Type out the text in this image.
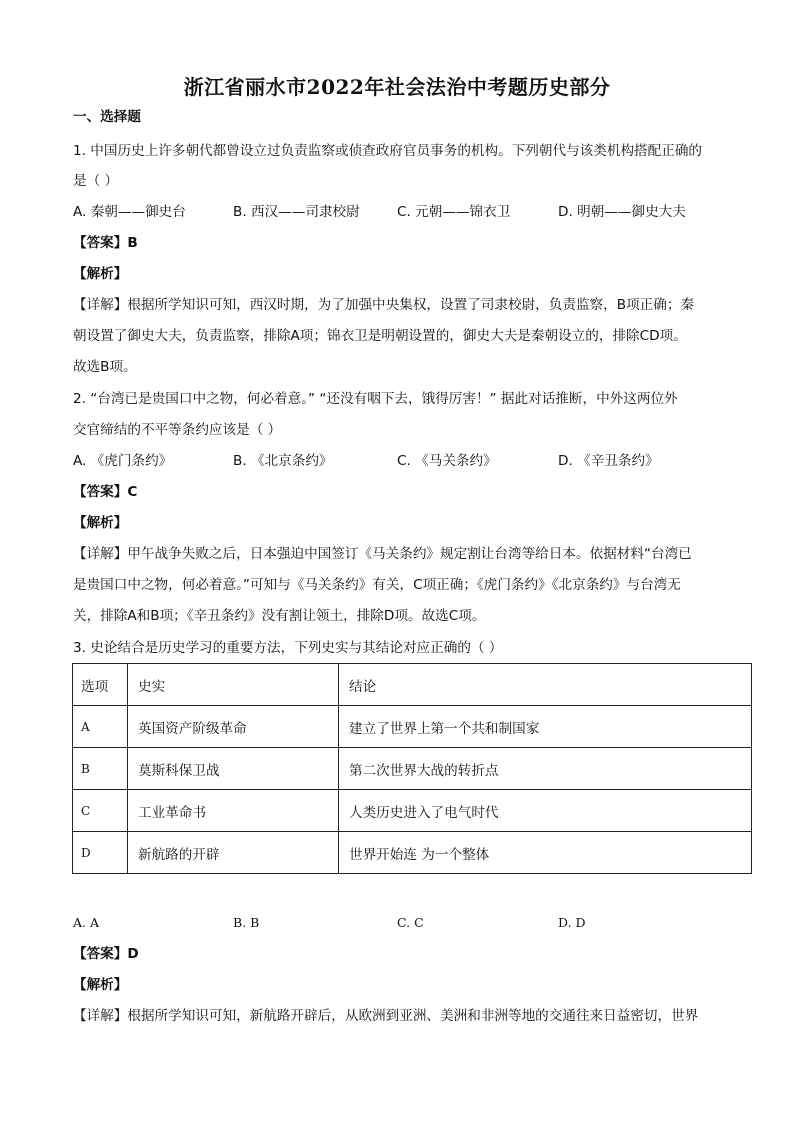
浙江省丽水市2022年社会法治中考题历史部分
一、选择题
1. 中国历史上许多朝代都曾设立过负责监察或侦查政府官员事务的机构。下列朝代与该类机构搭配正确的
是（ ）
A. 秦朝——御史台	B. 西汉——司隶校尉	C. 元朝——锦衣卫	D. 明朝——御史大夫
【答案】B
【解析】
【详解】根据所学知识可知，西汉时期，为了加强中央集权，设置了司隶校尉，负责监察，B项正确；秦
朝设置了御史大夫，负责监察，排除A项；锦衣卫是明朝设置的，御史大夫是秦朝设立的，排除CD项。
故选B项。
2. “台湾已是贵国口中之物，何必着意。” “还没有咽下去，饿得厉害！” 据此对话推断，中外这两位外
交官缔结的不平等条约应该是（ ）
A. 《虎门条约》	B. 《北京条约》	C. 《马关条约》	D. 《辛丑条约》
【答案】C
【解析】
【详解】甲午战争失败之后，日本强迫中国签订《马关条约》规定割让台湾等给日本。依据材料“台湾已
是贵国口中之物，何必着意。”可知与《马关条约》有关，C项正确；《虎门条约》《北京条约》与台湾无
关，排除A和B项；《辛丑条约》没有割让领土，排除D项。故选C项。
3. 史论结合是历史学习的重要方法，下列史实与其结论对应正确的（ ）
选项	史实	结论
A	英国资产阶级革命	建立了世界上第一个共和制国家
B	莫斯科保卫战	第二次世界大战的转折点
C	工业革命书	人类历史进入了电气时代
D	新航路的开辟	世界开始连 为一个整体
A. A	B. B	C. C	D. D
【答案】D
【解析】
【详解】根据所学知识可知，新航路开辟后，从欧洲到亚洲、美洲和非洲等地的交通往来日益密切，世界
